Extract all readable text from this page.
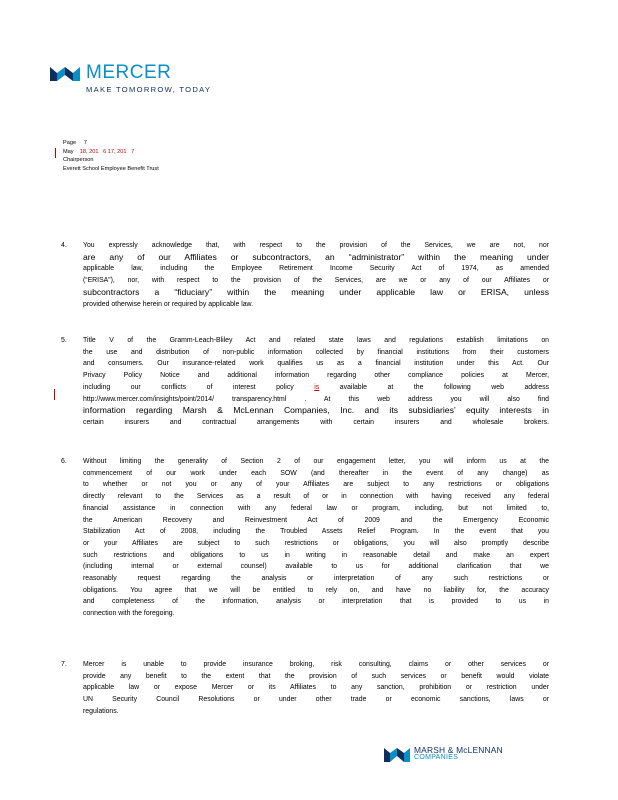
MERCER
MAKE TOMORROW, TODAY
Page 7
May 18, 201 6 17, 201 7
Chairperson
Everett School Employee Benefit Trust
4. You expressly acknowledge that, with respect to the provision of the Services, we are not, nor
are any of our Affiliates or subcontractors, an “administrator” within the meaning under
applicable law, including the Employee Retirement Income Security Act of 1974, as amended
(“ERISA”), nor, with respect to the provision of the Services, are we or any of our Affiliates or
subcontractors a “fiduciary” within the meaning under applicable law or ERISA, unless
provided otherwise herein or required by applicable law.
5. Title V of the Gramm-Leach-Bliley Act and related state laws and regulations establish limitations on
the use and distribution of non-public information collected by financial institutions from their customers
and consumers. Our insurance-related work qualifies us as a financial institution under this Act. Our
Privacy Policy Notice and additional information regarding other compliance policies at Mercer,
including our conflicts of interest policy	is	available at the following web address
http://www.mercer.com/insights/point/2014/	transparency.html	. At this web address you will also find
information regarding Marsh & McLennan Companies, Inc. and its subsidiaries’ equity interests in
certain insurers and contractual arrangements with certain insurers and wholesale brokers.
6. Without limiting the generality of Section 2 of our engagement letter, you will inform us at the
commencement of our work under each SOW (and thereafter in the event of any change) as
to whether or not you or any of your Affiliates are subject to any restrictions or obligations
directly relevant to the Services as a result of or in connection with having received any federal
financial assistance in connection with any federal law or program, including, but not limited to,
the American Recovery and Reinvestment Act of 2009 and the Emergency Economic
Stabilization Act of 2008, including the Troubled Assets Relief Program. In the event that you
or your Affiliates are subject to such restrictions or obligations, you will also promptly describe
such restrictions and obligations to us in writing in reasonable detail and make an expert
(including internal or external counsel) available to us for additional clarification that we
reasonably request regarding the analysis or interpretation of any such restrictions or
obligations. You agree that we will be entitled to rely on, and have no liability for, the accuracy
and completeness of the information, analysis or interpretation that is provided to us in
connection with the foregoing.
7. Mercer is unable to provide insurance broking, risk consulting, claims or other services or
provide any benefit to the extent that the provision of such services or benefit would violate
applicable law or expose Mercer or its Affiliates to any sanction, prohibition or restriction under
UN Security Council Resolutions or under other trade or economic sanctions, laws or
regulations.
MARSH & McLENNAN
COMPANIES
